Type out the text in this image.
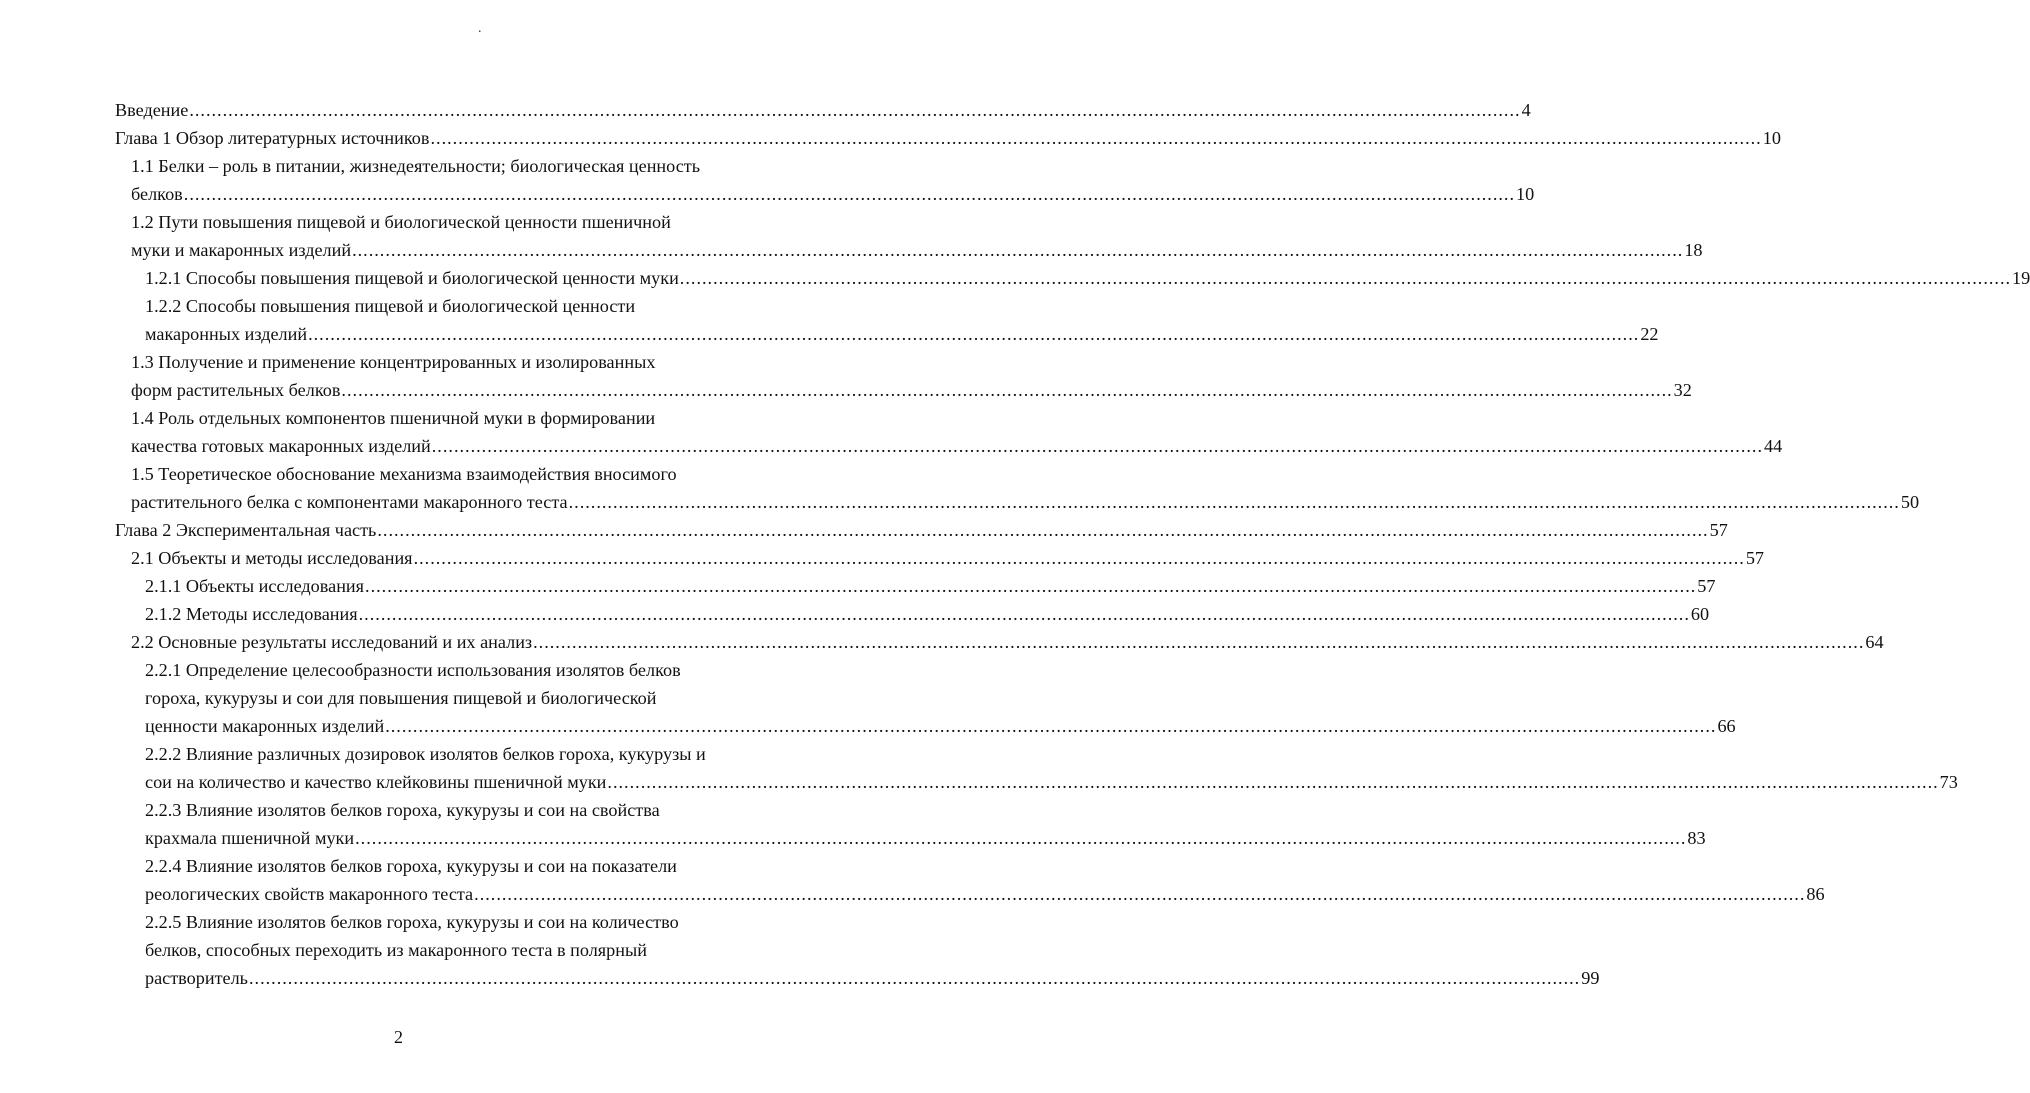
.
Введение ................................................................................................................................................................................................................................................ 4
Глава 1 Обзор литературных источников ................................................................................................................................................................................................................................................ 10
1.1 Белки – роль в питании, жизнедеятельности; биологическая ценность
белков ................................................................................................................................................................................................................................................ 10
1.2 Пути повышения пищевой и биологической ценности пшеничной
муки и макаронных изделий ................................................................................................................................................................................................................................................ 18
1.2.1 Способы повышения пищевой и биологической ценности муки ................................................................................................................................................................................................................................................ 19
1.2.2 Способы повышения пищевой и биологической ценности
макаронных изделий ................................................................................................................................................................................................................................................ 22
1.3 Получение и применение концентрированных и изолированных
форм растительных белков ................................................................................................................................................................................................................................................ 32
1.4 Роль отдельных компонентов пшеничной муки в формировании
качества готовых макаронных изделий ................................................................................................................................................................................................................................................ 44
1.5 Теоретическое обоснование механизма взаимодействия вносимого
растительного белка с компонентами макаронного теста ................................................................................................................................................................................................................................................ 50
Глава 2 Экспериментальная часть ................................................................................................................................................................................................................................................ 57
2.1 Объекты и методы исследования ................................................................................................................................................................................................................................................ 57
2.1.1 Объекты исследования ................................................................................................................................................................................................................................................ 57
2.1.2 Методы исследования ................................................................................................................................................................................................................................................ 60
2.2 Основные результаты исследований и их анализ ................................................................................................................................................................................................................................................ 64
2.2.1 Определение целесообразности использования изолятов белков
гороха, кукурузы и сои для повышения пищевой и биологической
ценности макаронных изделий ................................................................................................................................................................................................................................................ 66
2.2.2 Влияние различных дозировок изолятов белков гороха, кукурузы и
сои на количество и качество клейковины пшеничной муки ................................................................................................................................................................................................................................................ 73
2.2.3 Влияние изолятов белков гороха, кукурузы и сои на свойства
крахмала пшеничной муки ................................................................................................................................................................................................................................................ 83
2.2.4 Влияние изолятов белков гороха, кукурузы и сои на показатели
реологических свойств макаронного теста ................................................................................................................................................................................................................................................ 86
2.2.5 Влияние изолятов белков гороха, кукурузы и сои на количество
белков, способных переходить из макаронного теста в полярный
растворитель ................................................................................................................................................................................................................................................ 99
2
